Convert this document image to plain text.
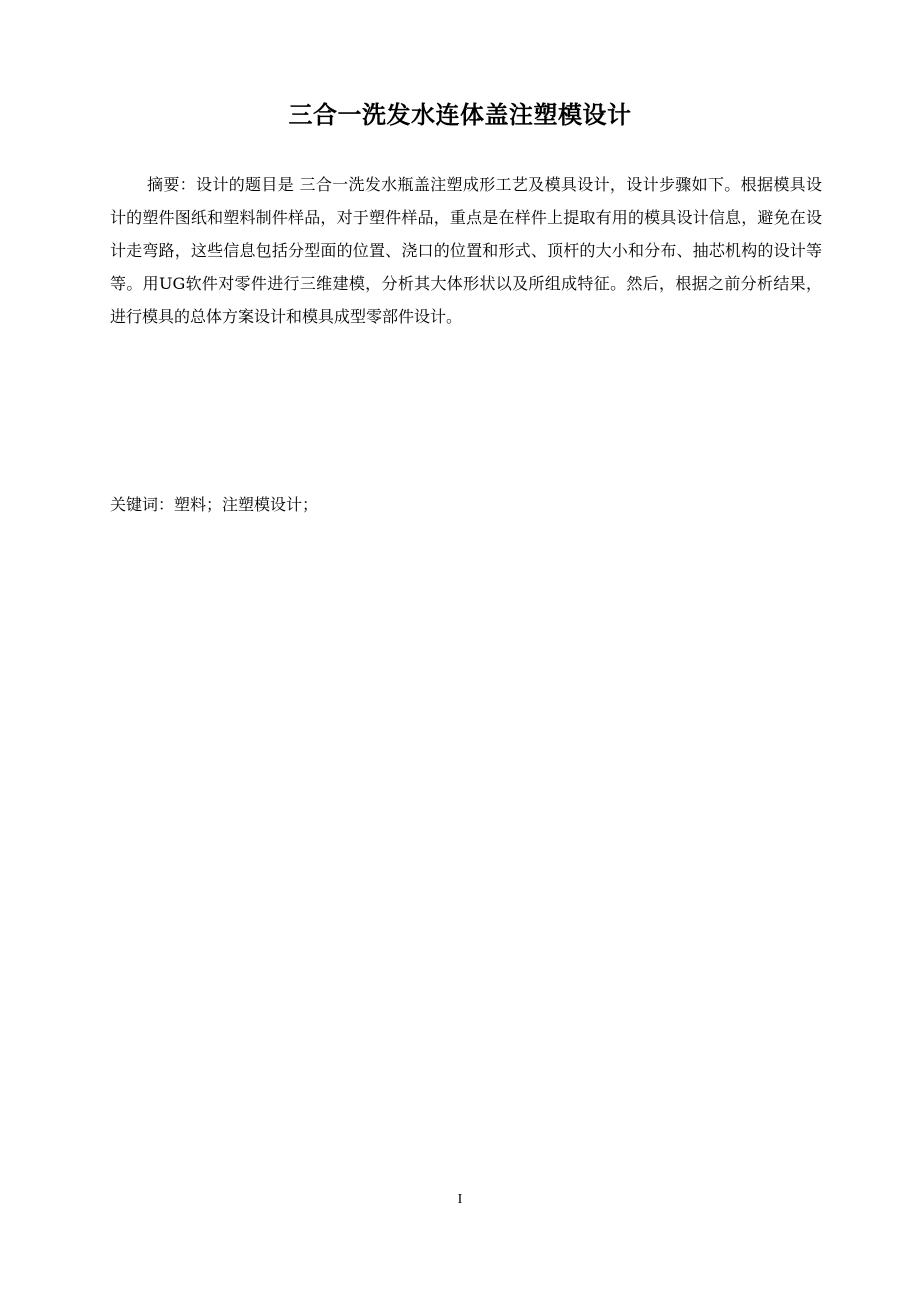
三合一洗发水连体盖注塑模设计

摘要：设计的题目是 三合一洗发水瓶盖注塑成形工艺及模具设计，设计步骤如下。根据模具设计的塑件图纸和塑料制件样品，对于塑件样品，重点是在样件上提取有用的模具设计信息，避免在设计走弯路，这些信息包括分型面的位置、浇口的位置和形式、顶杆的大小和分布、抽芯机构的设计等等。用UG软件对零件进行三维建模，分析其大体形状以及所组成特征。然后，根据之前分析结果，进行模具的总体方案设计和模具成型零部件设计。

关键词：塑料；注塑模设计；

I
